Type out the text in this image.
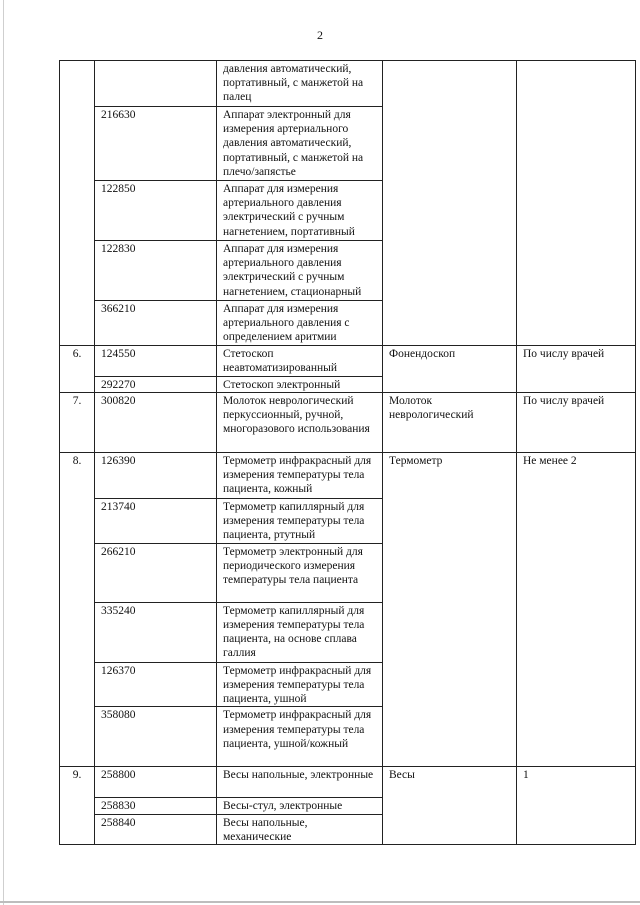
2
		давления автоматический, портативный, с манжетой на палец		
	216630	Аппарат электронный для измерения артериального давления автоматический, портативный, с манжетой на плечо/запястье		
	122850	Аппарат для измерения артериального давления электрический с ручным нагнетением, портативный		
	122830	Аппарат для измерения артериального давления электрический с ручным нагнетением, стационарный		
	366210	Аппарат для измерения артериального давления с определением аритмии		
6.	124550	Стетоскоп неавтоматизированный	Фонендоскоп	По числу врачей
	292270	Стетоскоп электронный		
7.	300820	Молоток неврологический перкуссионный, ручной, многоразового использования	Молоток неврологический	По числу врачей
8.	126390	Термометр инфракрасный для измерения температуры тела пациента, кожный	Термометр	Не менее 2
	213740	Термометр капиллярный для измерения температуры тела пациента, ртутный		
	266210	Термометр электронный для периодического измерения температуры тела пациента		
	335240	Термометр капиллярный для измерения температуры тела пациента, на основе сплава галлия		
	126370	Термометр инфракрасный для измерения температуры тела пациента, ушной		
	358080	Термометр инфракрасный для измерения температуры тела пациента, ушной/кожный		
9.	258800	Весы напольные, электронные	Весы	1
	258830	Весы-стул, электронные		
	258840	Весы напольные, механические		
